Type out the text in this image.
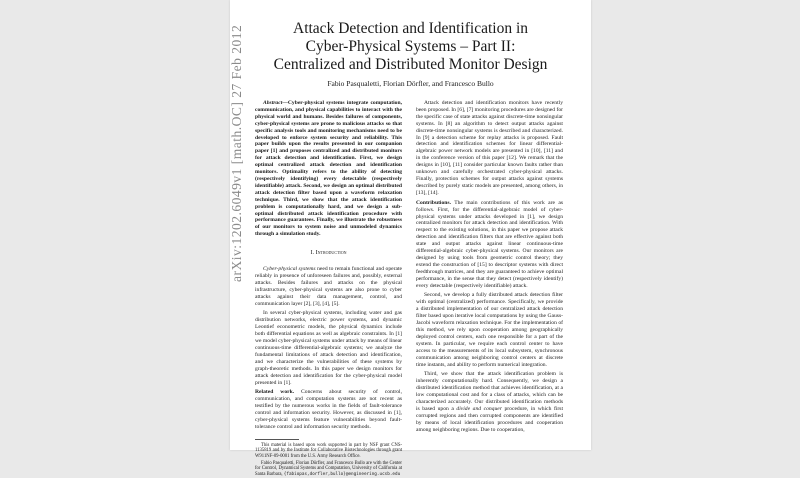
Attack Detection and Identification in
Cyber-Physical Systems – Part II:
Centralized and Distributed Monitor Design
Fabio Pasqualetti, Florian Dörfler, and Francesco Bullo

Abstract—Cyber-physical systems integrate computation, communication, and physical capabilities to interact with the physical world and humans. Besides failures of components, cyber-physical systems are prone to malicious attacks so that specific analysis tools and monitoring mechanisms need to be developed to enforce system security and reliability. This paper builds upon the results presented in our companion paper [1] and proposes centralized and distributed monitors for attack detection and identification. First, we design optimal centralized attack detection and identification monitors. Optimality refers to the ability of detecting (respectively identifying) every detectable (respectively identifiable) attack. Second, we design an optimal distributed attack detection filter based upon a waveform relaxation technique. Third, we show that the attack identification problem is computationally hard, and we design a sub-optimal distributed attack identification procedure with performance guarantees. Finally, we illustrate the robustness of our monitors to system noise and unmodeled dynamics through a simulation study.

I. Introduction

Cyber-physical systems need to remain functional and operate reliably in presence of unforeseen failures and, possibly, external attacks. Besides failures and attacks on the physical infrastructure, cyber-physical systems are also prone to cyber attacks against their data management, control, and communication layer [2], [3], [4], [5].

In several cyber-physical systems, including water and gas distribution networks, electric power systems, and dynamic Leontief econometric models, the physical dynamics include both differential equations as well as algebraic constraints. In [1] we model cyber-physical systems under attack by means of linear continuous-time differential-algebraic systems; we analyze the fundamental limitations of attack detection and identification, and we characterize the vulnerabilities of these systems by graph-theoretic methods. In this paper we design monitors for attack detection and identification for the cyber-physical model presented in [1].

Related work. Concerns about security of control, communication, and computation systems are not recent as testified by the numerous works in the fields of fault-tolerance control and information security. However, as discussed in [1], cyber-physical systems feature vulnerabilities beyond fault-tolerance control and information security methods.

This material is based upon work supported in part by NSF grant CNS-1135819 and by the Institute for Collaborative Biotechnologies through grant W911NF-09-0001 from the U.S. Army Research Office.

Fabio Pasqualetti, Florian Dörfler, and Francesco Bullo are with the Center for Control, Dynamical Systems and Computation, University of California at Santa Barbara, {fabiopas,dorfler,bullo}@engineering.ucsb.edu

Attack detection and identification monitors have recently been proposed. In [6], [7] monitoring procedures are designed for the specific case of state attacks against discrete-time nonsingular systems. In [8] an algorithm to detect output attacks against discrete-time nonsingular systems is described and characterized. In [9] a detection scheme for replay attacks is proposed. Fault detection and identification schemes for linear differential-algebraic power network models are presented in [10], [11] and in the conference version of this paper [12]. We remark that the designs in [10], [11] consider particular known faults rather than unknown and carefully orchestrated cyber-physical attacks. Finally, protection schemes for output attacks against systems described by purely static models are presented, among others, in [13], [14].

Contributions. The main contributions of this work are as follows. First, for the differential-algebraic model of cyber-physical systems under attacks developed in [1], we design centralized monitors for attack detection and identification. With respect to the existing solutions, in this paper we propose attack detection and identification filters that are effective against both state and output attacks against linear continuous-time differential-algebraic cyber-physical systems. Our monitors are designed by using tools from geometric control theory; they extend the construction of [15] to descriptor systems with direct feedthrough matrices, and they are guaranteed to achieve optimal performance, in the sense that they detect (respectively identify) every detectable (respectively identifiable) attack.

Second, we develop a fully distributed attack detection filter with optimal (centralized) performance. Specifically, we provide a distributed implementation of our centralized attack detection filter based upon iterative local computations by using the Gauss-Jacobi waveform relaxation technique. For the implementation of this method, we rely upon cooperation among geographically deployed control centers, each one responsible for a part of the system. In particular, we require each control center to have access to the measurements of its local subsystem, synchronous communication among neighboring control centers at discrete time instants, and ability to perform numerical integration.

Third, we show that the attack identification problem is inherently computationally hard. Consequently, we design a distributed identification method that achieves identification, at a low computational cost and for a class of attacks, which can be characterized accurately. Our distributed identification methods is based upon a divide and conquer procedure, in which first corrupted regions and then corrupted components are identified by means of local identification procedures and cooperation among neighboring regions. Due to cooperation,

arXiv:1202.6049v1 [math.OC] 27 Feb 2012
